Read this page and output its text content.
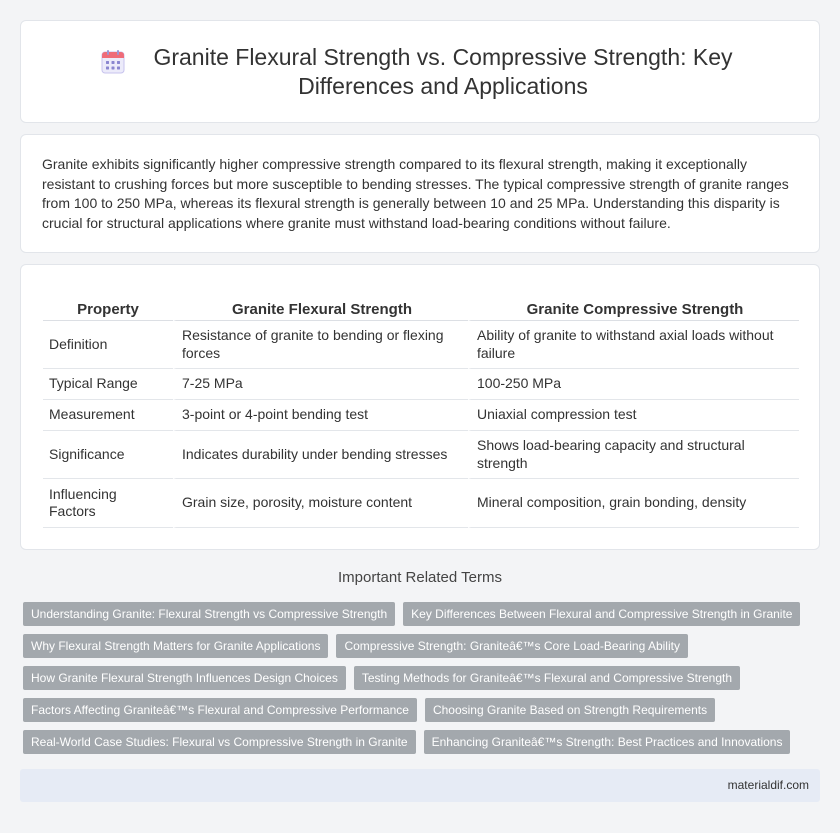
Granite Flexural Strength vs. Compressive Strength: Key Differences and Applications

Granite exhibits significantly higher compressive strength compared to its flexural strength, making it exceptionally resistant to crushing forces but more susceptible to bending stresses. The typical compressive strength of granite ranges from 100 to 250 MPa, whereas its flexural strength is generally between 10 and 25 MPa. Understanding this disparity is crucial for structural applications where granite must withstand load-bearing conditions without failure.

Property	Granite Flexural Strength	Granite Compressive Strength
Definition	Resistance of granite to bending or flexing forces	Ability of granite to withstand axial loads without failure
Typical Range	7-25 MPa	100-250 MPa
Measurement	3-point or 4-point bending test	Uniaxial compression test
Significance	Indicates durability under bending stresses	Shows load-bearing capacity and structural strength
Influencing Factors	Grain size, porosity, moisture content	Mineral composition, grain bonding, density
Important Related Terms
Understanding Granite: Flexural Strength vs Compressive Strength	Key Differences Between Flexural and Compressive Strength in Granite
Why Flexural Strength Matters for Granite Applications	Compressive Strength: Graniteâ€™s Core Load-Bearing Ability
How Granite Flexural Strength Influences Design Choices	Testing Methods for Graniteâ€™s Flexural and Compressive Strength
Factors Affecting Graniteâ€™s Flexural and Compressive Performance	Choosing Granite Based on Strength Requirements
Real-World Case Studies: Flexural vs Compressive Strength in Granite	Enhancing Graniteâ€™s Strength: Best Practices and Innovations
materialdif.com
